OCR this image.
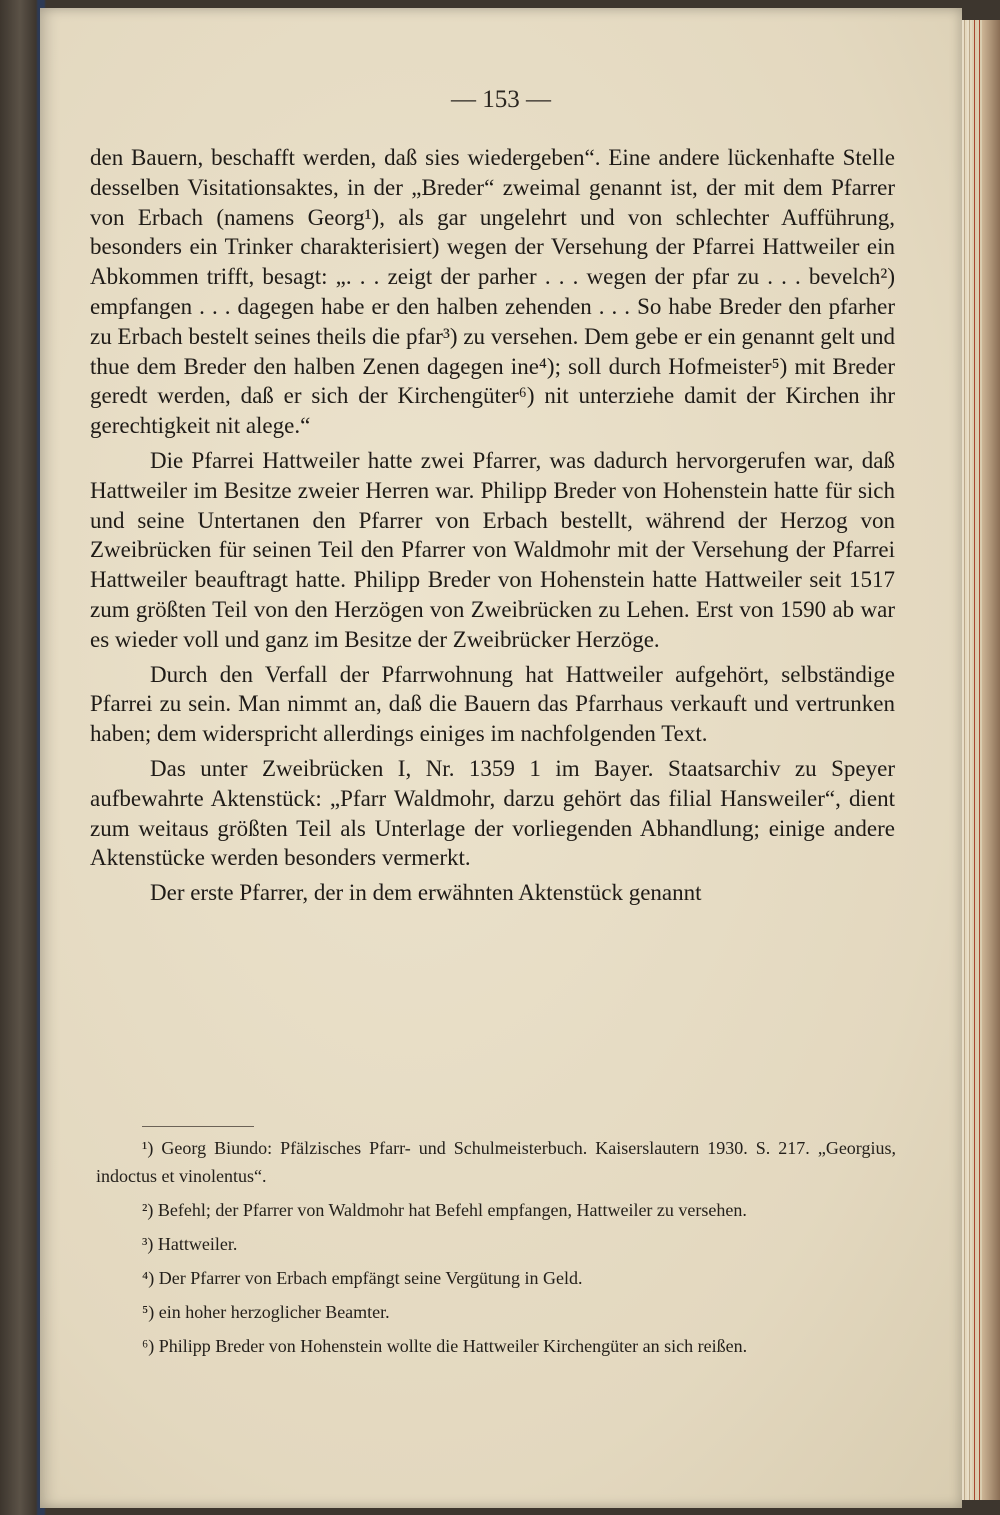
— 153 —

den Bauern, beschafft werden, daß sies wiedergeben“. Eine andere lückenhafte Stelle desselben Visitationsaktes, in der „Breder“ zweimal genannt ist, der mit dem Pfarrer von Erbach (namens Georg¹), als gar ungelehrt und von schlechter Aufführung, besonders ein Trinker charakterisiert) wegen der Versehung der Pfarrei Hattweiler ein Abkommen trifft, besagt: „. . . zeigt der parher . . . wegen der pfar zu . . . bevelch²) empfangen . . . dagegen habe er den halben zehenden . . . So habe Breder den pfarher zu Erbach bestelt seines theils die pfar³) zu versehen. Dem gebe er ein genannt gelt und thue dem Breder den halben Zenen dagegen ine⁴); soll durch Hofmeister⁵) mit Breder geredt werden, daß er sich der Kirchengüter⁶) nit unterziehe damit der Kirchen ihr gerechtigkeit nit alege.“

Die Pfarrei Hattweiler hatte zwei Pfarrer, was dadurch hervorgerufen war, daß Hattweiler im Besitze zweier Herren war. Philipp Breder von Hohenstein hatte für sich und seine Untertanen den Pfarrer von Erbach bestellt, während der Herzog von Zweibrücken für seinen Teil den Pfarrer von Waldmohr mit der Versehung der Pfarrei Hattweiler beauftragt hatte. Philipp Breder von Hohenstein hatte Hattweiler seit 1517 zum größten Teil von den Herzögen von Zweibrücken zu Lehen. Erst von 1590 ab war es wieder voll und ganz im Besitze der Zweibrücker Herzöge.

Durch den Verfall der Pfarrwohnung hat Hattweiler aufgehört, selbständige Pfarrei zu sein. Man nimmt an, daß die Bauern das Pfarrhaus verkauft und vertrunken haben; dem widerspricht allerdings einiges im nachfolgenden Text.

Das unter Zweibrücken I, Nr. 1359 1 im Bayer. Staatsarchiv zu Speyer aufbewahrte Aktenstück: „Pfarr Waldmohr, darzu gehört das filial Hansweiler“, dient zum weitaus größten Teil als Unterlage der vorliegenden Abhandlung; einige andere Aktenstücke werden besonders vermerkt.

Der erste Pfarrer, der in dem erwähnten Aktenstück genannt

¹) Georg Biundo: Pfälzisches Pfarr- und Schulmeisterbuch. Kaiserslautern 1930. S. 217. „Georgius, indoctus et vinolentus“.

²) Befehl; der Pfarrer von Waldmohr hat Befehl empfangen, Hattweiler zu versehen.

³) Hattweiler.

⁴) Der Pfarrer von Erbach empfängt seine Vergütung in Geld.

⁵) ein hoher herzoglicher Beamter.

⁶) Philipp Breder von Hohenstein wollte die Hattweiler Kirchengüter an sich reißen.
